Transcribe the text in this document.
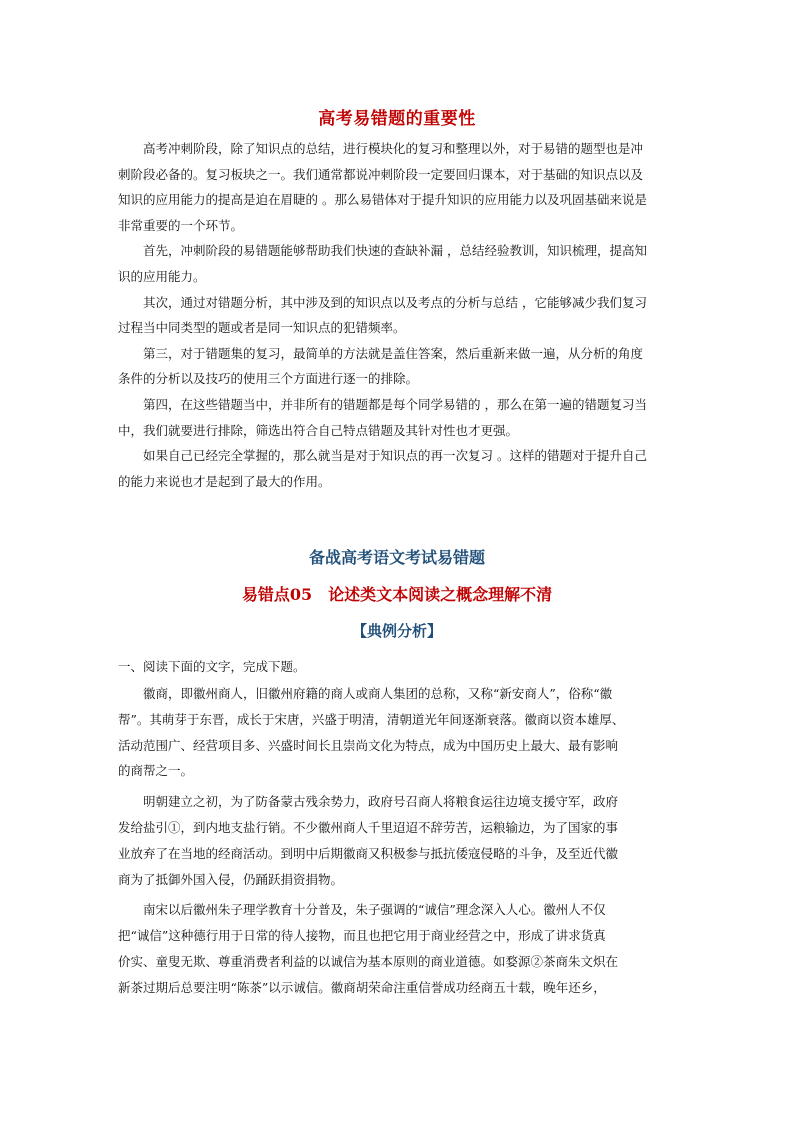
高考易错题的重要性

高考冲刺阶段，除了知识点的总结，进行模块化的复习和整理以外，对于易错的题型也是冲
刺阶段必备的。复习板块之一。我们通常都说冲刺阶段一定要回归课本，对于基础的知识点以及
知识的应用能力的提高是迫在眉睫的 。那么易错体对于提升知识的应用能力以及巩固基础来说是
非常重要的一个环节。

首先，冲刺阶段的易错题能够帮助我们快速的查缺补漏 ，总结经验教训，知识梳理，提高知
识的应用能力。

其次，通过对错题分析，其中涉及到的知识点以及考点的分析与总结 ，它能够减少我们复习
过程当中同类型的题或者是同一知识点的犯错频率。

第三，对于错题集的复习，最简单的方法就是盖住答案，然后重新来做一遍，从分析的角度
条件的分析以及技巧的使用三个方面进行逐一的排除。

第四，在这些错题当中，并非所有的错题都是每个同学易错的 ，那么在第一遍的错题复习当
中，我们就要进行排除，筛选出符合自己特点错题及其针对性也才更强。

如果自己已经完全掌握的，那么就当是对于知识点的再一次复习 。这样的错题对于提升自己
的能力来说也才是起到了最大的作用。

备战高考语文考试易错题
易错点05　论述类文本阅读之概念理解不清
【典例分析】
一、阅读下面的文字，完成下题。

徽商，即徽州商人，旧徽州府籍的商人或商人集团的总称，又称“新安商人”，俗称“徽
帮”。其萌芽于东晋，成长于宋唐，兴盛于明清，清朝道光年间逐渐衰落。徽商以资本雄厚、
活动范围广、经营项目多、兴盛时间长且崇尚文化为特点，成为中国历史上最大、最有影响
的商帮之一。

明朝建立之初，为了防备蒙古残余势力，政府号召商人将粮食运往边境支援守军，政府
发给盐引①，到内地支盐行销。不少徽州商人千里迢迢不辞劳苦，运粮输边，为了国家的事
业放弃了在当地的经商活动。到明中后期徽商又积极参与抵抗倭寇侵略的斗争，及至近代徽
商为了抵御外国入侵，仍踊跃捐资捐物。

南宋以后徽州朱子理学教育十分普及，朱子强调的“诚信”理念深入人心。徽州人不仅
把“诚信”这种德行用于日常的待人接物，而且也把它用于商业经营之中，形成了讲求货真
价实、童叟无欺、尊重消费者利益的以诚信为基本原则的商业道德。如婺源②茶商朱文炽在
新茶过期后总要注明“陈茶”以示诚信。徽商胡荣命注重信誉成功经商五十载，晚年还乡，
